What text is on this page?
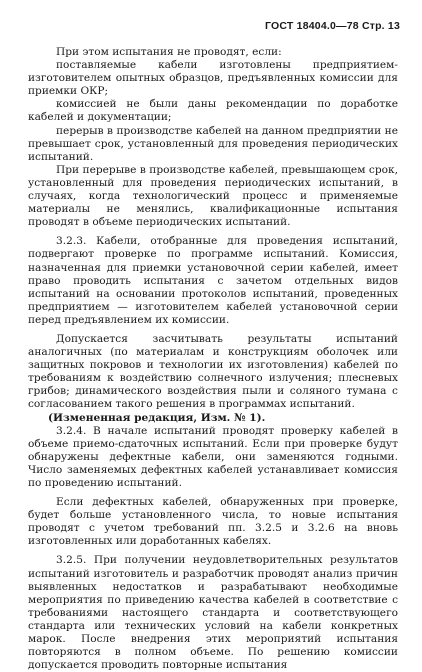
ГОСТ 18404.0—78 Стр. 13

При этом испытания не проводят, если:

поставляемые кабели изготовлены предприятием-изготовителем опытных образцов, предъявленных комиссии для приемки ОКР;

комиссией не были даны рекомендации по доработке кабелей и документации;

перерыв в производстве кабелей на данном предприятии не превышает срок, установленный для проведения периодических испытаний.

При перерыве в производстве кабелей, превышающем срок, установленный для проведения периодических испытаний, в случаях, когда технологический процесс и применяемые материалы не менялись, квалификационные испытания проводят в объеме периодических испытаний.

3.2.3. Кабели, отобранные для проведения испытаний, подвергают проверке по программе испытаний. Комиссия, назначенная для приемки установочной серии кабелей, имеет право проводить испытания с зачетом отдельных видов испытаний на основании протоколов испытаний, проведенных предприятием — изготовителем кабелей установочной серии перед предъявлением их комиссии.

Допускается засчитывать результаты испытаний аналогичных (по материалам и конструкциям оболочек или защитных покровов и технологии их изготовления) кабелей по требованиям к воздействию солнечного излучения; плесневых грибов; динамического воздействия пыли и соляного тумана с согласованием такого решения в программах испытаний.

(Измененная редакция, Изм. № 1).

3.2.4. В начале испытаний проводят проверку кабелей в объеме приемо-сдаточных испытаний. Если при проверке будут обнаружены дефектные кабели, они заменяются годными. Число заменяемых дефектных кабелей устанавливает комиссия по проведению испытаний.

Если дефектных кабелей, обнаруженных при проверке, будет больше установленного числа, то новые испытания проводят с учетом требований пп. 3.2.5 и 3.2.6 на вновь изготовленных или доработанных кабелях.

3.2.5. При получении неудовлетворительных результатов испытаний изготовитель и разработчик проводят анализ причин выявленных недостатков и разрабатывают необходимые мероприятия по приведению качества кабелей в соответствие с требованиями настоящего стандарта и соответствующего стандарта или технических условий на кабели конкретных марок. После внедрения этих мероприятий испытания повторяются в полном объеме. По решению комиссии допускается проводить повторные испытания
